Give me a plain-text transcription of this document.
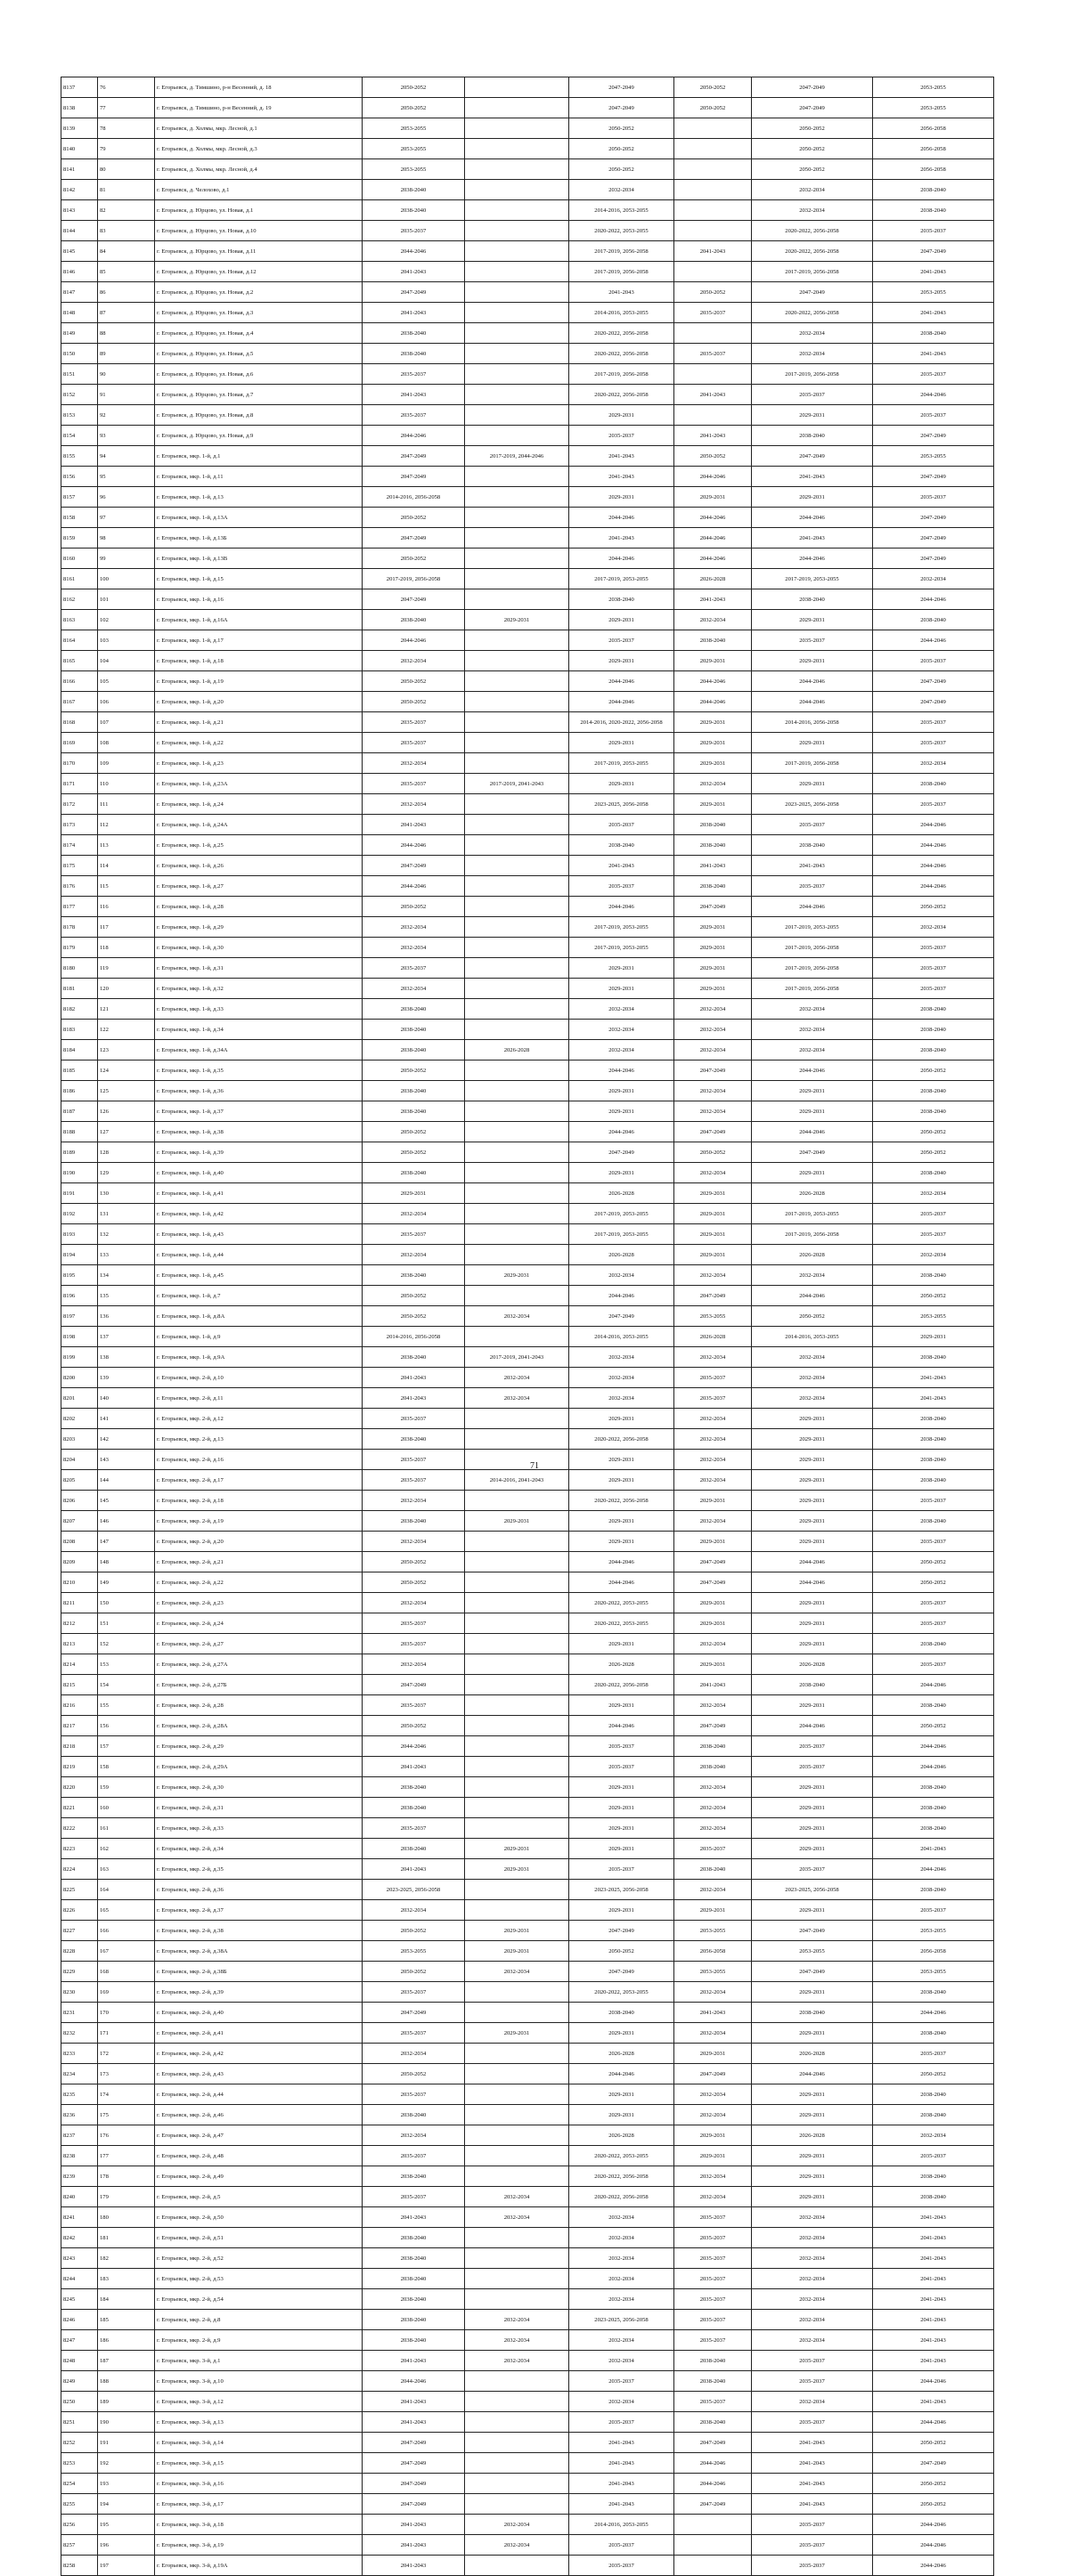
8137	76	г. Егорьевск, д. Тимшино, р-н Весенний, д. 18	2050-2052		2047-2049	2050-2052	2047-2049	2053-2055
8138	77	г. Егорьевск, д. Тимшино, р-н Весенний, д. 19	2050-2052		2047-2049	2050-2052	2047-2049	2053-2055
8139	78	г. Егорьевск, д. Холмы, мкр. Лесной, д.1	2053-2055		2050-2052		2050-2052	2056-2058
8140	79	г. Егорьевск, д. Холмы, мкр. Лесной, д.3	2053-2055		2050-2052		2050-2052	2056-2058
8141	80	г. Егорьевск, д. Холмы, мкр. Лесной, д.4	2053-2055		2050-2052		2050-2052	2056-2058
8142	81	г. Егорьевск, д. Челохово, д.1	2038-2040		2032-2034		2032-2034	2038-2040
8143	82	г. Егорьевск, д. Юрцово, ул. Новая, д.1	2038-2040		2014-2016, 2053-2055		2032-2034	2038-2040
8144	83	г. Егорьевск, д. Юрцово, ул. Новая, д.10	2035-2037		2020-2022, 2053-2055		2020-2022, 2056-2058	2035-2037
8145	84	г. Егорьевск, д. Юрцово, ул. Новая, д.11	2044-2046		2017-2019, 2056-2058	2041-2043	2020-2022, 2056-2058	2047-2049
8146	85	г. Егорьевск, д. Юрцово, ул. Новая, д.12	2041-2043		2017-2019, 2056-2058		2017-2019, 2056-2058	2041-2043
8147	86	г. Егорьевск, д. Юрцово, ул. Новая, д.2	2047-2049		2041-2043	2050-2052	2047-2049	2053-2055
8148	87	г. Егорьевск, д. Юрцово, ул. Новая, д.3	2041-2043		2014-2016, 2053-2055	2035-2037	2020-2022, 2056-2058	2041-2043
8149	88	г. Егорьевск, д. Юрцово, ул. Новая, д.4	2038-2040		2020-2022, 2056-2058		2032-2034	2038-2040
8150	89	г. Егорьевск, д. Юрцово, ул. Новая, д.5	2038-2040		2020-2022, 2056-2058	2035-2037	2032-2034	2041-2043
8151	90	г. Егорьевск, д. Юрцово, ул. Новая, д.6	2035-2037		2017-2019, 2056-2058		2017-2019, 2056-2058	2035-2037
8152	91	г. Егорьевск, д. Юрцово, ул. Новая, д.7	2041-2043		2020-2022, 2056-2058	2041-2043	2035-2037	2044-2046
8153	92	г. Егорьевск, д. Юрцово, ул. Новая, д.8	2035-2037		2029-2031		2029-2031	2035-2037
8154	93	г. Егорьевск, д. Юрцово, ул. Новая, д.9	2044-2046		2035-2037	2041-2043	2038-2040	2047-2049
8155	94	г. Егорьевск, мкр. 1-й, д.1	2047-2049	2017-2019, 2044-2046	2041-2043	2050-2052	2047-2049	2053-2055
8156	95	г. Егорьевск, мкр. 1-й, д.11	2047-2049		2041-2043	2044-2046	2041-2043	2047-2049
8157	96	г. Егорьевск, мкр. 1-й, д.13	2014-2016, 2056-2058		2029-2031	2029-2031	2029-2031	2035-2037
8158	97	г. Егорьевск, мкр. 1-й, д.13А	2050-2052		2044-2046	2044-2046	2044-2046	2047-2049
8159	98	г. Егорьевск, мкр. 1-й, д.13Б	2047-2049		2041-2043	2044-2046	2041-2043	2047-2049
8160	99	г. Егорьевск, мкр. 1-й, д.13В	2050-2052		2044-2046	2044-2046	2044-2046	2047-2049
8161	100	г. Егорьевск, мкр. 1-й, д.15	2017-2019, 2056-2058		2017-2019, 2053-2055	2026-2028	2017-2019, 2053-2055	2032-2034
8162	101	г. Егорьевск, мкр. 1-й, д.16	2047-2049		2038-2040	2041-2043	2038-2040	2044-2046
8163	102	г. Егорьевск, мкр. 1-й, д.16А	2038-2040	2029-2031	2029-2031	2032-2034	2029-2031	2038-2040
8164	103	г. Егорьевск, мкр. 1-й, д.17	2044-2046		2035-2037	2038-2040	2035-2037	2044-2046
8165	104	г. Егорьевск, мкр. 1-й, д.18	2032-2034		2029-2031	2029-2031	2029-2031	2035-2037
8166	105	г. Егорьевск, мкр. 1-й, д.19	2050-2052		2044-2046	2044-2046	2044-2046	2047-2049
8167	106	г. Егорьевск, мкр. 1-й, д.20	2050-2052		2044-2046	2044-2046	2044-2046	2047-2049
8168	107	г. Егорьевск, мкр. 1-й, д.21	2035-2037		2014-2016, 2020-2022, 2056-2058	2029-2031	2014-2016, 2056-2058	2035-2037
8169	108	г. Егорьевск, мкр. 1-й, д.22	2035-2037		2029-2031	2029-2031	2029-2031	2035-2037
8170	109	г. Егорьевск, мкр. 1-й, д.23	2032-2034		2017-2019, 2053-2055	2029-2031	2017-2019, 2056-2058	2032-2034
8171	110	г. Егорьевск, мкр. 1-й, д.23А	2035-2037	2017-2019, 2041-2043	2029-2031	2032-2034	2029-2031	2038-2040
8172	111	г. Егорьевск, мкр. 1-й, д.24	2032-2034		2023-2025, 2056-2058	2029-2031	2023-2025, 2056-2058	2035-2037
8173	112	г. Егорьевск, мкр. 1-й, д.24А	2041-2043		2035-2037	2038-2040	2035-2037	2044-2046
8174	113	г. Егорьевск, мкр. 1-й, д.25	2044-2046		2038-2040	2038-2040	2038-2040	2044-2046
8175	114	г. Егорьевск, мкр. 1-й, д.26	2047-2049		2041-2043	2041-2043	2041-2043	2044-2046
8176	115	г. Егорьевск, мкр. 1-й, д.27	2044-2046		2035-2037	2038-2040	2035-2037	2044-2046
8177	116	г. Егорьевск, мкр. 1-й, д.28	2050-2052		2044-2046	2047-2049	2044-2046	2050-2052
8178	117	г. Егорьевск, мкр. 1-й, д.29	2032-2034		2017-2019, 2053-2055	2029-2031	2017-2019, 2053-2055	2032-2034
8179	118	г. Егорьевск, мкр. 1-й, д.30	2032-2034		2017-2019, 2053-2055	2029-2031	2017-2019, 2056-2058	2035-2037
8180	119	г. Егорьевск, мкр. 1-й, д.31	2035-2037		2029-2031	2029-2031	2017-2019, 2056-2058	2035-2037
8181	120	г. Егорьевск, мкр. 1-й, д.32	2032-2034		2029-2031	2029-2031	2017-2019, 2056-2058	2035-2037
8182	121	г. Егорьевск, мкр. 1-й, д.33	2038-2040		2032-2034	2032-2034	2032-2034	2038-2040
8183	122	г. Егорьевск, мкр. 1-й, д.34	2038-2040		2032-2034	2032-2034	2032-2034	2038-2040
8184	123	г. Егорьевск, мкр. 1-й, д.34А	2038-2040	2026-2028	2032-2034	2032-2034	2032-2034	2038-2040
8185	124	г. Егорьевск, мкр. 1-й, д.35	2050-2052		2044-2046	2047-2049	2044-2046	2050-2052
8186	125	г. Егорьевск, мкр. 1-й, д.36	2038-2040		2029-2031	2032-2034	2029-2031	2038-2040
8187	126	г. Егорьевск, мкр. 1-й, д.37	2038-2040		2029-2031	2032-2034	2029-2031	2038-2040
8188	127	г. Егорьевск, мкр. 1-й, д.38	2050-2052		2044-2046	2047-2049	2044-2046	2050-2052
8189	128	г. Егорьевск, мкр. 1-й, д.39	2050-2052		2047-2049	2050-2052	2047-2049	2050-2052
8190	129	г. Егорьевск, мкр. 1-й, д.40	2038-2040		2029-2031	2032-2034	2029-2031	2038-2040
8191	130	г. Егорьевск, мкр. 1-й, д.41	2029-2031		2026-2028	2029-2031	2026-2028	2032-2034
8192	131	г. Егорьевск, мкр. 1-й, д.42	2032-2034		2017-2019, 2053-2055	2029-2031	2017-2019, 2053-2055	2035-2037
8193	132	г. Егорьевск, мкр. 1-й, д.43	2035-2037		2017-2019, 2053-2055	2029-2031	2017-2019, 2056-2058	2035-2037
8194	133	г. Егорьевск, мкр. 1-й, д.44	2032-2034		2026-2028	2029-2031	2026-2028	2032-2034
8195	134	г. Егорьевск, мкр. 1-й, д.45	2038-2040	2029-2031	2032-2034	2032-2034	2032-2034	2038-2040
8196	135	г. Егорьевск, мкр. 1-й, д.7	2050-2052		2044-2046	2047-2049	2044-2046	2050-2052
8197	136	г. Егорьевск, мкр. 1-й, д.8А	2050-2052	2032-2034	2047-2049	2053-2055	2050-2052	2053-2055
8198	137	г. Егорьевск, мкр. 1-й, д.9	2014-2016, 2056-2058		2014-2016, 2053-2055	2026-2028	2014-2016, 2053-2055	2029-2031
8199	138	г. Егорьевск, мкр. 1-й, д.9А	2038-2040	2017-2019, 2041-2043	2032-2034	2032-2034	2032-2034	2038-2040
8200	139	г. Егорьевск, мкр. 2-й, д.10	2041-2043	2032-2034	2032-2034	2035-2037	2032-2034	2041-2043
8201	140	г. Егорьевск, мкр. 2-й, д.11	2041-2043	2032-2034	2032-2034	2035-2037	2032-2034	2041-2043
8202	141	г. Егорьевск, мкр. 2-й, д.12	2035-2037		2029-2031	2032-2034	2029-2031	2038-2040
8203	142	г. Егорьевск, мкр. 2-й, д.13	2038-2040		2020-2022, 2056-2058	2032-2034	2029-2031	2038-2040
8204	143	г. Егорьевск, мкр. 2-й, д.16	2035-2037		2029-2031	2032-2034	2029-2031	2038-2040
8205	144	г. Егорьевск, мкр. 2-й, д.17	2035-2037	2014-2016, 2041-2043	2029-2031	2032-2034	2029-2031	2038-2040
8206	145	г. Егорьевск, мкр. 2-й, д.18	2032-2034		2020-2022, 2056-2058	2029-2031	2029-2031	2035-2037
8207	146	г. Егорьевск, мкр. 2-й, д.19	2038-2040	2029-2031	2029-2031	2032-2034	2029-2031	2038-2040
8208	147	г. Егорьевск, мкр. 2-й, д.20	2032-2034		2029-2031	2029-2031	2029-2031	2035-2037
8209	148	г. Егорьевск, мкр. 2-й, д.21	2050-2052		2044-2046	2047-2049	2044-2046	2050-2052
8210	149	г. Егорьевск, мкр. 2-й, д.22	2050-2052		2044-2046	2047-2049	2044-2046	2050-2052
8211	150	г. Егорьевск, мкр. 2-й, д.23	2032-2034		2020-2022, 2053-2055	2029-2031	2029-2031	2035-2037
8212	151	г. Егорьевск, мкр. 2-й, д.24	2035-2037		2020-2022, 2053-2055	2029-2031	2029-2031	2035-2037
8213	152	г. Егорьевск, мкр. 2-й, д.27	2035-2037		2029-2031	2032-2034	2029-2031	2038-2040
8214	153	г. Егорьевск, мкр. 2-й, д.27А	2032-2034		2026-2028	2029-2031	2026-2028	2035-2037
8215	154	г. Егорьевск, мкр. 2-й, д.27Б	2047-2049		2020-2022, 2056-2058	2041-2043	2038-2040	2044-2046
8216	155	г. Егорьевск, мкр. 2-й, д.28	2035-2037		2029-2031	2032-2034	2029-2031	2038-2040
8217	156	г. Егорьевск, мкр. 2-й, д.28А	2050-2052		2044-2046	2047-2049	2044-2046	2050-2052
8218	157	г. Егорьевск, мкр. 2-й, д.29	2044-2046		2035-2037	2038-2040	2035-2037	2044-2046
8219	158	г. Егорьевск, мкр. 2-й, д.29А	2041-2043		2035-2037	2038-2040	2035-2037	2044-2046
8220	159	г. Егорьевск, мкр. 2-й, д.30	2038-2040		2029-2031	2032-2034	2029-2031	2038-2040
8221	160	г. Егорьевск, мкр. 2-й, д.31	2038-2040		2029-2031	2032-2034	2029-2031	2038-2040
8222	161	г. Егорьевск, мкр. 2-й, д.33	2035-2037		2029-2031	2032-2034	2029-2031	2038-2040
8223	162	г. Егорьевск, мкр. 2-й, д.34	2038-2040	2029-2031	2029-2031	2035-2037	2029-2031	2041-2043
8224	163	г. Егорьевск, мкр. 2-й, д.35	2041-2043	2029-2031	2035-2037	2038-2040	2035-2037	2044-2046
8225	164	г. Егорьевск, мкр. 2-й, д.36	2023-2025, 2056-2058		2023-2025, 2056-2058	2032-2034	2023-2025, 2056-2058	2038-2040
8226	165	г. Егорьевск, мкр. 2-й, д.37	2032-2034		2029-2031	2029-2031	2029-2031	2035-2037
8227	166	г. Егорьевск, мкр. 2-й, д.38	2050-2052	2029-2031	2047-2049	2053-2055	2047-2049	2053-2055
8228	167	г. Егорьевск, мкр. 2-й, д.38А	2053-2055	2029-2031	2050-2052	2056-2058	2053-2055	2056-2058
8229	168	г. Егорьевск, мкр. 2-й, д.38Б	2050-2052	2032-2034	2047-2049	2053-2055	2047-2049	2053-2055
8230	169	г. Егорьевск, мкр. 2-й, д.39	2035-2037		2020-2022, 2053-2055	2032-2034	2029-2031	2038-2040
8231	170	г. Егорьевск, мкр. 2-й, д.40	2047-2049		2038-2040	2041-2043	2038-2040	2044-2046
8232	171	г. Егорьевск, мкр. 2-й, д.41	2035-2037	2029-2031	2029-2031	2032-2034	2029-2031	2038-2040
8233	172	г. Егорьевск, мкр. 2-й, д.42	2032-2034		2026-2028	2029-2031	2026-2028	2035-2037
8234	173	г. Егорьевск, мкр. 2-й, д.43	2050-2052		2044-2046	2047-2049	2044-2046	2050-2052
8235	174	г. Егорьевск, мкр. 2-й, д.44	2035-2037		2029-2031	2032-2034	2029-2031	2038-2040
8236	175	г. Егорьевск, мкр. 2-й, д.46	2038-2040		2029-2031	2032-2034	2029-2031	2038-2040
8237	176	г. Егорьевск, мкр. 2-й, д.47	2032-2034		2026-2028	2029-2031	2026-2028	2032-2034
8238	177	г. Егорьевск, мкр. 2-й, д.48	2035-2037		2020-2022, 2053-2055	2029-2031	2029-2031	2035-2037
8239	178	г. Егорьевск, мкр. 2-й, д.49	2038-2040		2020-2022, 2056-2058	2032-2034	2029-2031	2038-2040
8240	179	г. Егорьевск, мкр. 2-й, д.5	2035-2037	2032-2034	2020-2022, 2056-2058	2032-2034	2029-2031	2038-2040
8241	180	г. Егорьевск, мкр. 2-й, д.50	2041-2043	2032-2034	2032-2034	2035-2037	2032-2034	2041-2043
8242	181	г. Егорьевск, мкр. 2-й, д.51	2038-2040		2032-2034	2035-2037	2032-2034	2041-2043
8243	182	г. Егорьевск, мкр. 2-й, д.52	2038-2040		2032-2034	2035-2037	2032-2034	2041-2043
8244	183	г. Егорьевск, мкр. 2-й, д.53	2038-2040		2032-2034	2035-2037	2032-2034	2041-2043
8245	184	г. Егорьевск, мкр. 2-й, д.54	2038-2040		2032-2034	2035-2037	2032-2034	2041-2043
8246	185	г. Егорьевск, мкр. 2-й, д.8	2038-2040	2032-2034	2023-2025, 2056-2058	2035-2037	2032-2034	2041-2043
8247	186	г. Егорьевск, мкр. 2-й, д.9	2038-2040	2032-2034	2032-2034	2035-2037	2032-2034	2041-2043
8248	187	г. Егорьевск, мкр. 3-й, д.1	2041-2043	2032-2034	2032-2034	2038-2040	2035-2037	2041-2043
8249	188	г. Егорьевск, мкр. 3-й, д.10	2044-2046		2035-2037	2038-2040	2035-2037	2044-2046
8250	189	г. Егорьевск, мкр. 3-й, д.12	2041-2043		2032-2034	2035-2037	2032-2034	2041-2043
8251	190	г. Егорьевск, мкр. 3-й, д.13	2041-2043		2035-2037	2038-2040	2035-2037	2044-2046
8252	191	г. Егорьевск, мкр. 3-й, д.14	2047-2049		2041-2043	2047-2049	2041-2043	2050-2052
8253	192	г. Егорьевск, мкр. 3-й, д.15	2047-2049		2041-2043	2044-2046	2041-2043	2047-2049
8254	193	г. Егорьевск, мкр. 3-й, д.16	2047-2049		2041-2043	2044-2046	2041-2043	2050-2052
8255	194	г. Егорьевск, мкр. 3-й, д.17	2047-2049		2041-2043	2047-2049	2041-2043	2050-2052
8256	195	г. Егорьевск, мкр. 3-й, д.18	2041-2043	2032-2034	2014-2016, 2053-2055		2035-2037	2044-2046
8257	196	г. Егорьевск, мкр. 3-й, д.19	2041-2043	2032-2034	2035-2037		2035-2037	2044-2046
8258	197	г. Егорьевск, мкр. 3-й, д.19А	2041-2043		2035-2037		2035-2037	2044-2046
71
